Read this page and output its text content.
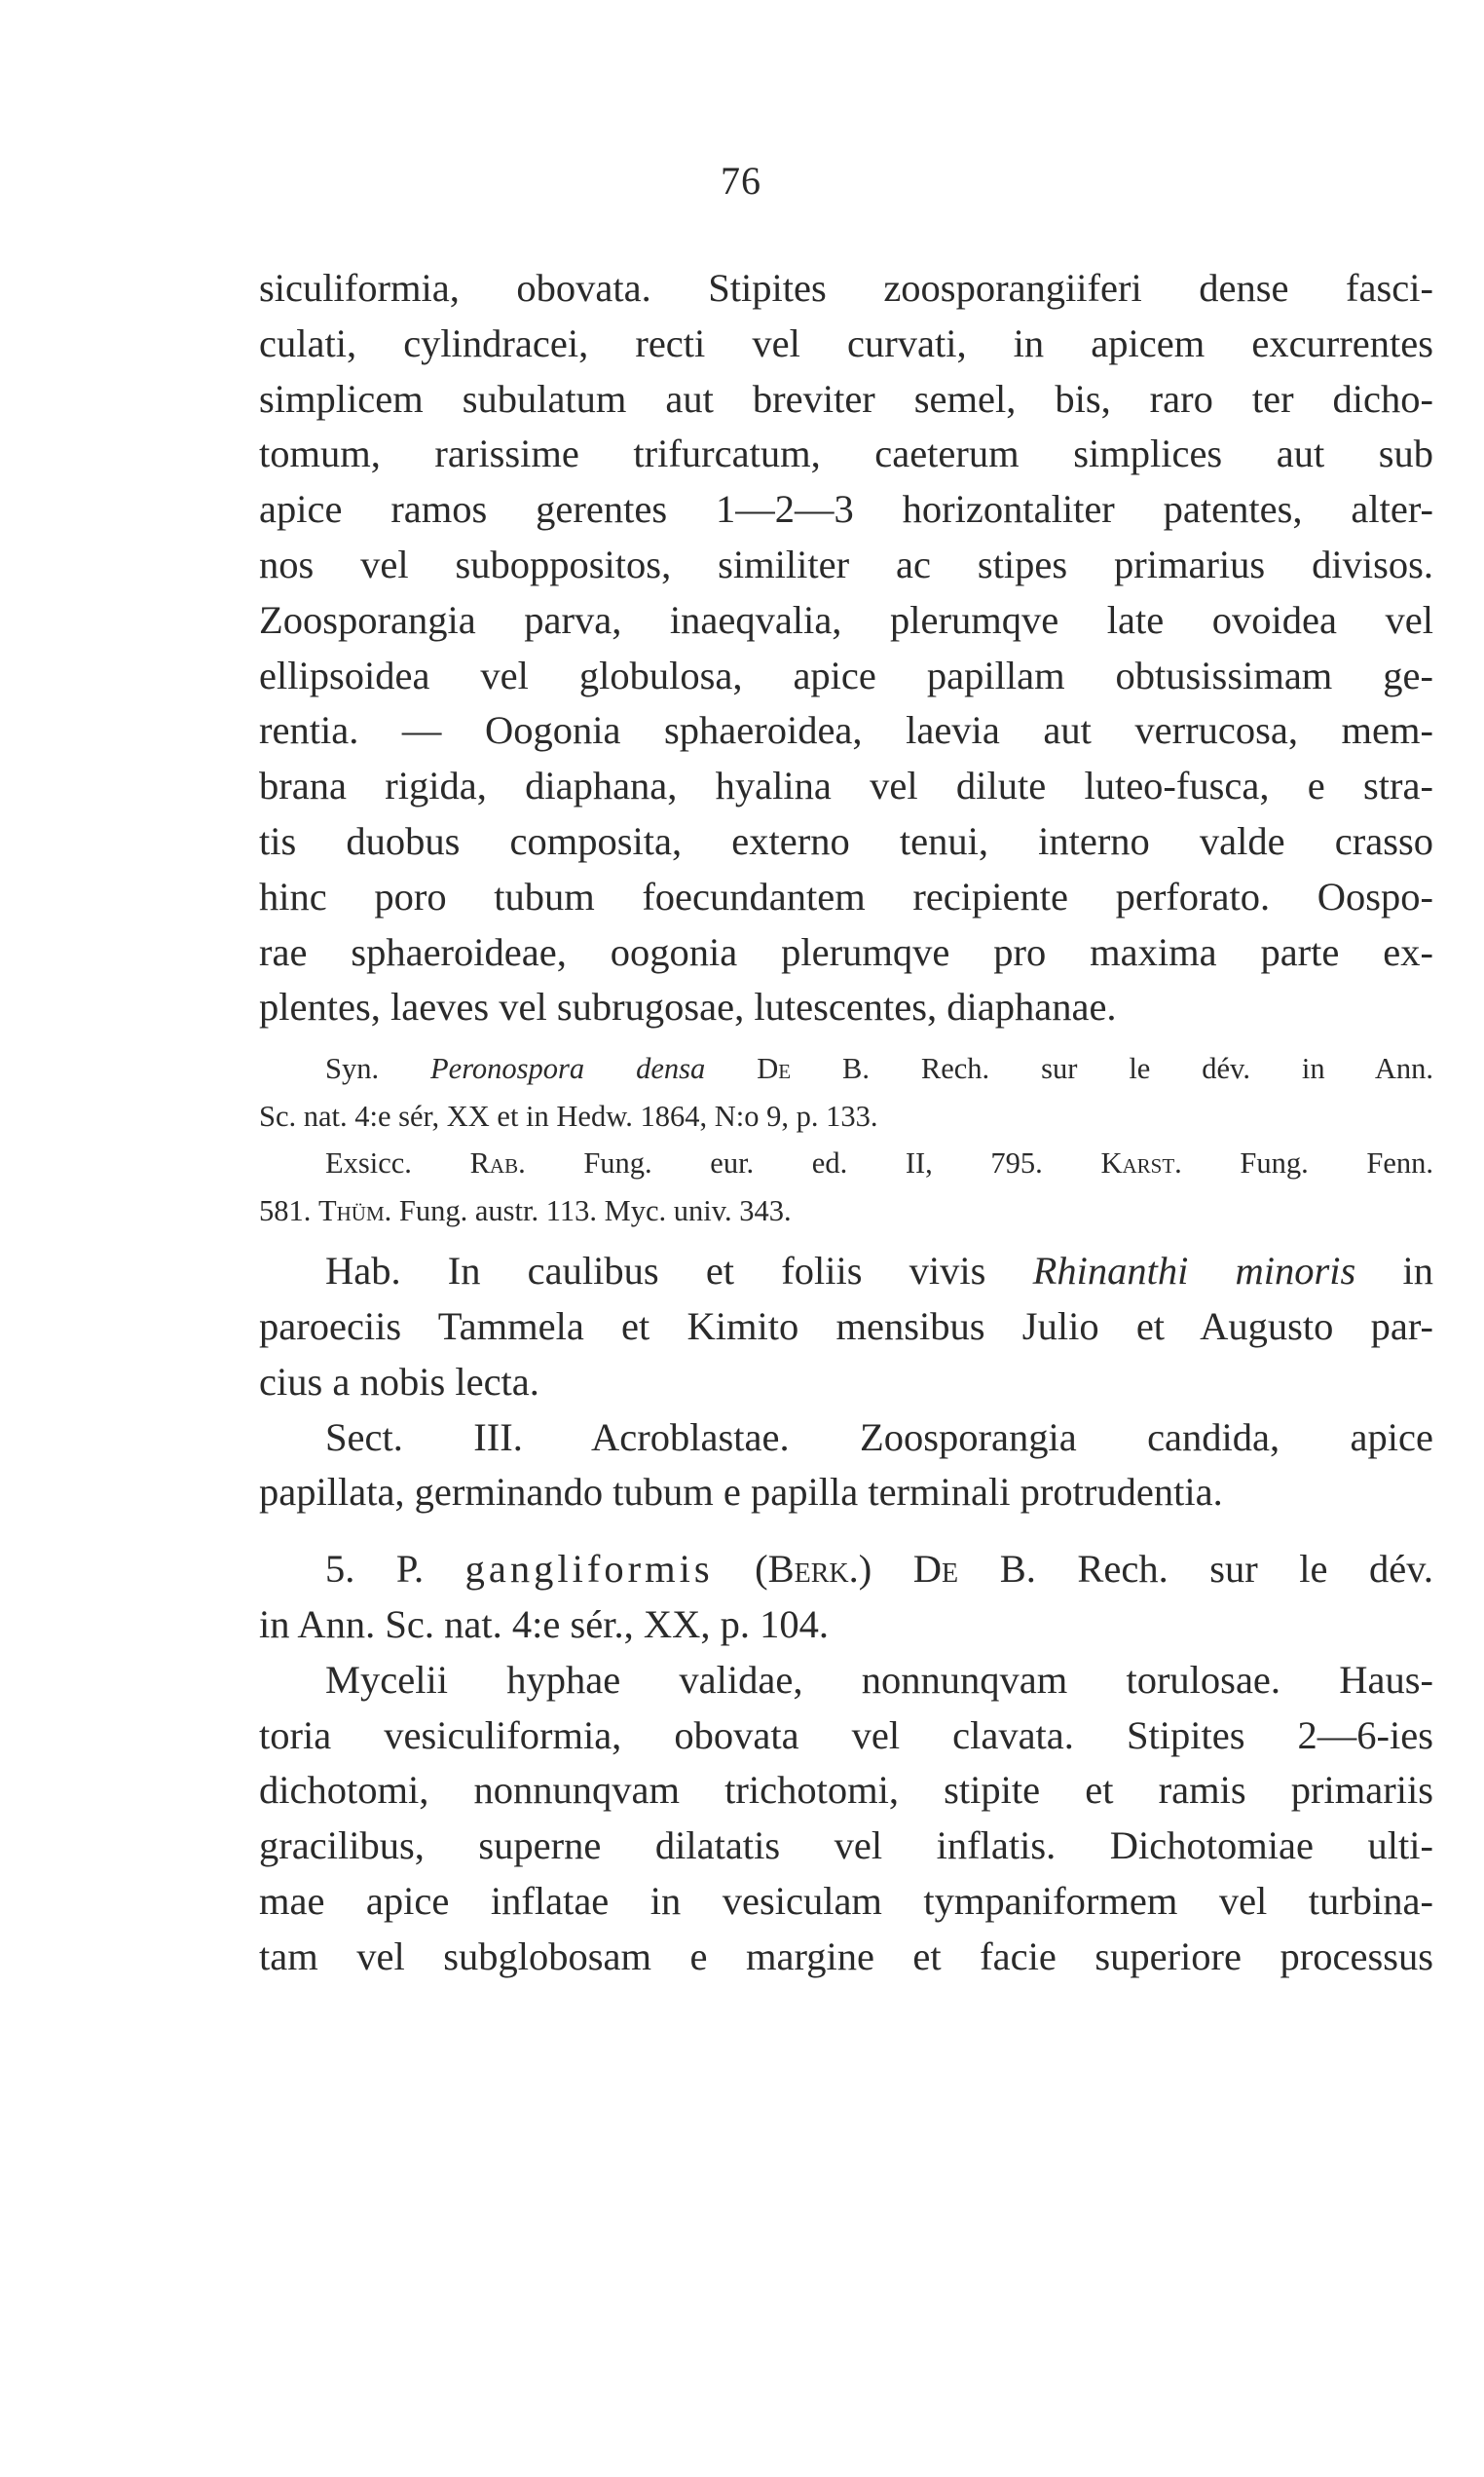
76
siculiformia, obovata. Stipites zoosporangiiferi dense fasci-
culati, cylindracei, recti vel curvati, in apicem excurrentes
simplicem subulatum aut breviter semel, bis, raro ter dicho-
tomum, rarissime trifurcatum, caeterum simplices aut sub
apice ramos gerentes 1—2—3 horizontaliter patentes, alter-
nos vel suboppositos, similiter ac stipes primarius divisos.
Zoosporangia parva, inaeqvalia, plerumqve late ovoidea vel
ellipsoidea vel globulosa, apice papillam obtusissimam ge-
rentia. — Oogonia sphaeroidea, laevia aut verrucosa, mem-
brana rigida, diaphana, hyalina vel dilute luteo-fusca, e stra-
tis duobus composita, externo tenui, interno valde crasso
hinc poro tubum foecundantem recipiente perforato. Oospo-
rae sphaeroideae, oogonia plerumqve pro maxima parte ex-
plentes, laeves vel subrugosae, lutescentes, diaphanae.
Syn. Peronospora densa De B. Rech. sur le dév. in Ann.
Sc. nat. 4:e sér, XX et in Hedw. 1864, N:o 9, p. 133.
Exsicc. Rab. Fung. eur. ed. II, 795. Karst. Fung. Fenn.
581. Thüm. Fung. austr. 113. Myc. univ. 343.
Hab. In caulibus et foliis vivis Rhinanthi minoris in
paroeciis Tammela et Kimito mensibus Julio et Augusto par-
cius a nobis lecta.
Sect. III. Acroblastae. Zoosporangia candida, apice
papillata, germinando tubum e papilla terminali protrudentia.
5. P. gangliformis (Berk.) De B. Rech. sur le dév.
in Ann. Sc. nat. 4:e sér., XX, p. 104.
Mycelii hyphae validae, nonnunqvam torulosae. Haus-
toria vesiculiformia, obovata vel clavata. Stipites 2—6-ies
dichotomi, nonnunqvam trichotomi, stipite et ramis primariis
gracilibus, superne dilatatis vel inflatis. Dichotomiae ulti-
mae apice inflatae in vesiculam tympaniformem vel turbina-
tam vel subglobosam e margine et facie superiore processus
